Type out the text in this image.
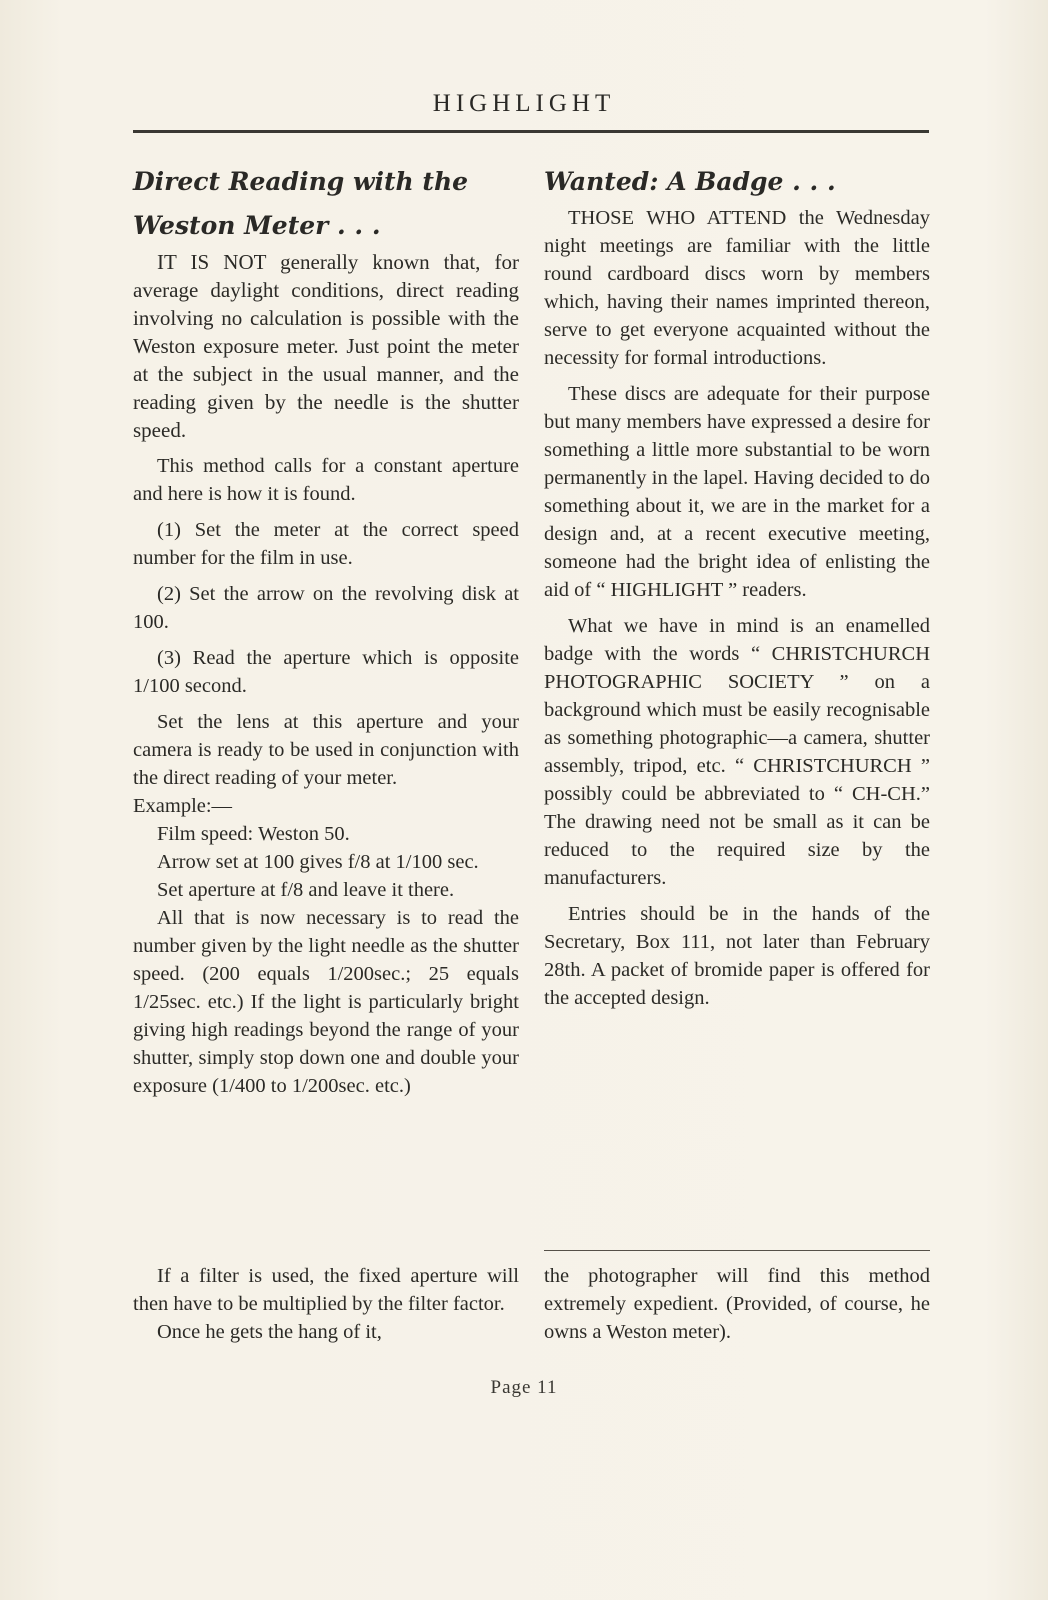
HIGHLIGHT
Direct Reading with the
Weston Meter . . .

IT IS NOT generally known that, for average daylight conditions, direct reading involving no calculation is possible with the Weston exposure meter. Just point the meter at the subject in the usual manner, and the reading given by the needle is the shutter speed.

This method calls for a constant aperture and here is how it is found.

(1) Set the meter at the correct speed number for the film in use.

(2) Set the arrow on the revolving disk at 100.

(3) Read the aperture which is opposite 1/100 second.

Set the lens at this aperture and your camera is ready to be used in conjunction with the direct reading of your meter.

Example:—

Film speed: Weston 50.

Arrow set at 100 gives f/8 at 1/100 sec.

Set aperture at f/8 and leave it there.

All that is now necessary is to read the number given by the light needle as the shutter speed. (200 equals 1/200sec.; 25 equals 1/25sec. etc.) If the light is particularly bright giving high readings beyond the range of your shutter, simply stop down one and double your exposure (1/400 to 1/200sec. etc.)

If a filter is used, the fixed aperture will then have to be multiplied by the filter factor.

Once he gets the hang of it,

Wanted: A Badge . . .

THOSE WHO ATTEND the Wednesday night meetings are familiar with the little round cardboard discs worn by members which, having their names imprinted thereon, serve to get everyone acquainted without the necessity for formal introductions.

These discs are adequate for their purpose but many members have expressed a desire for something a little more substantial to be worn permanently in the lapel. Having decided to do something about it, we are in the market for a design and, at a recent executive meeting, someone had the bright idea of enlisting the aid of “ HIGHLIGHT ” readers.

What we have in mind is an enamelled badge with the words “ CHRISTCHURCH PHOTOGRAPHIC SOCIETY ” on a background which must be easily recognisable as something photographic—a camera, shutter assembly, tripod, etc. “ CHRISTCHURCH ” possibly could be abbreviated to “ CH-CH.” The drawing need not be small as it can be reduced to the required size by the manufacturers.

Entries should be in the hands of the Secretary, Box 111, not later than February 28th. A packet of bromide paper is offered for the accepted design.

the photographer will find this method extremely expedient. (Provided, of course, he owns a Weston meter).

Page 11
